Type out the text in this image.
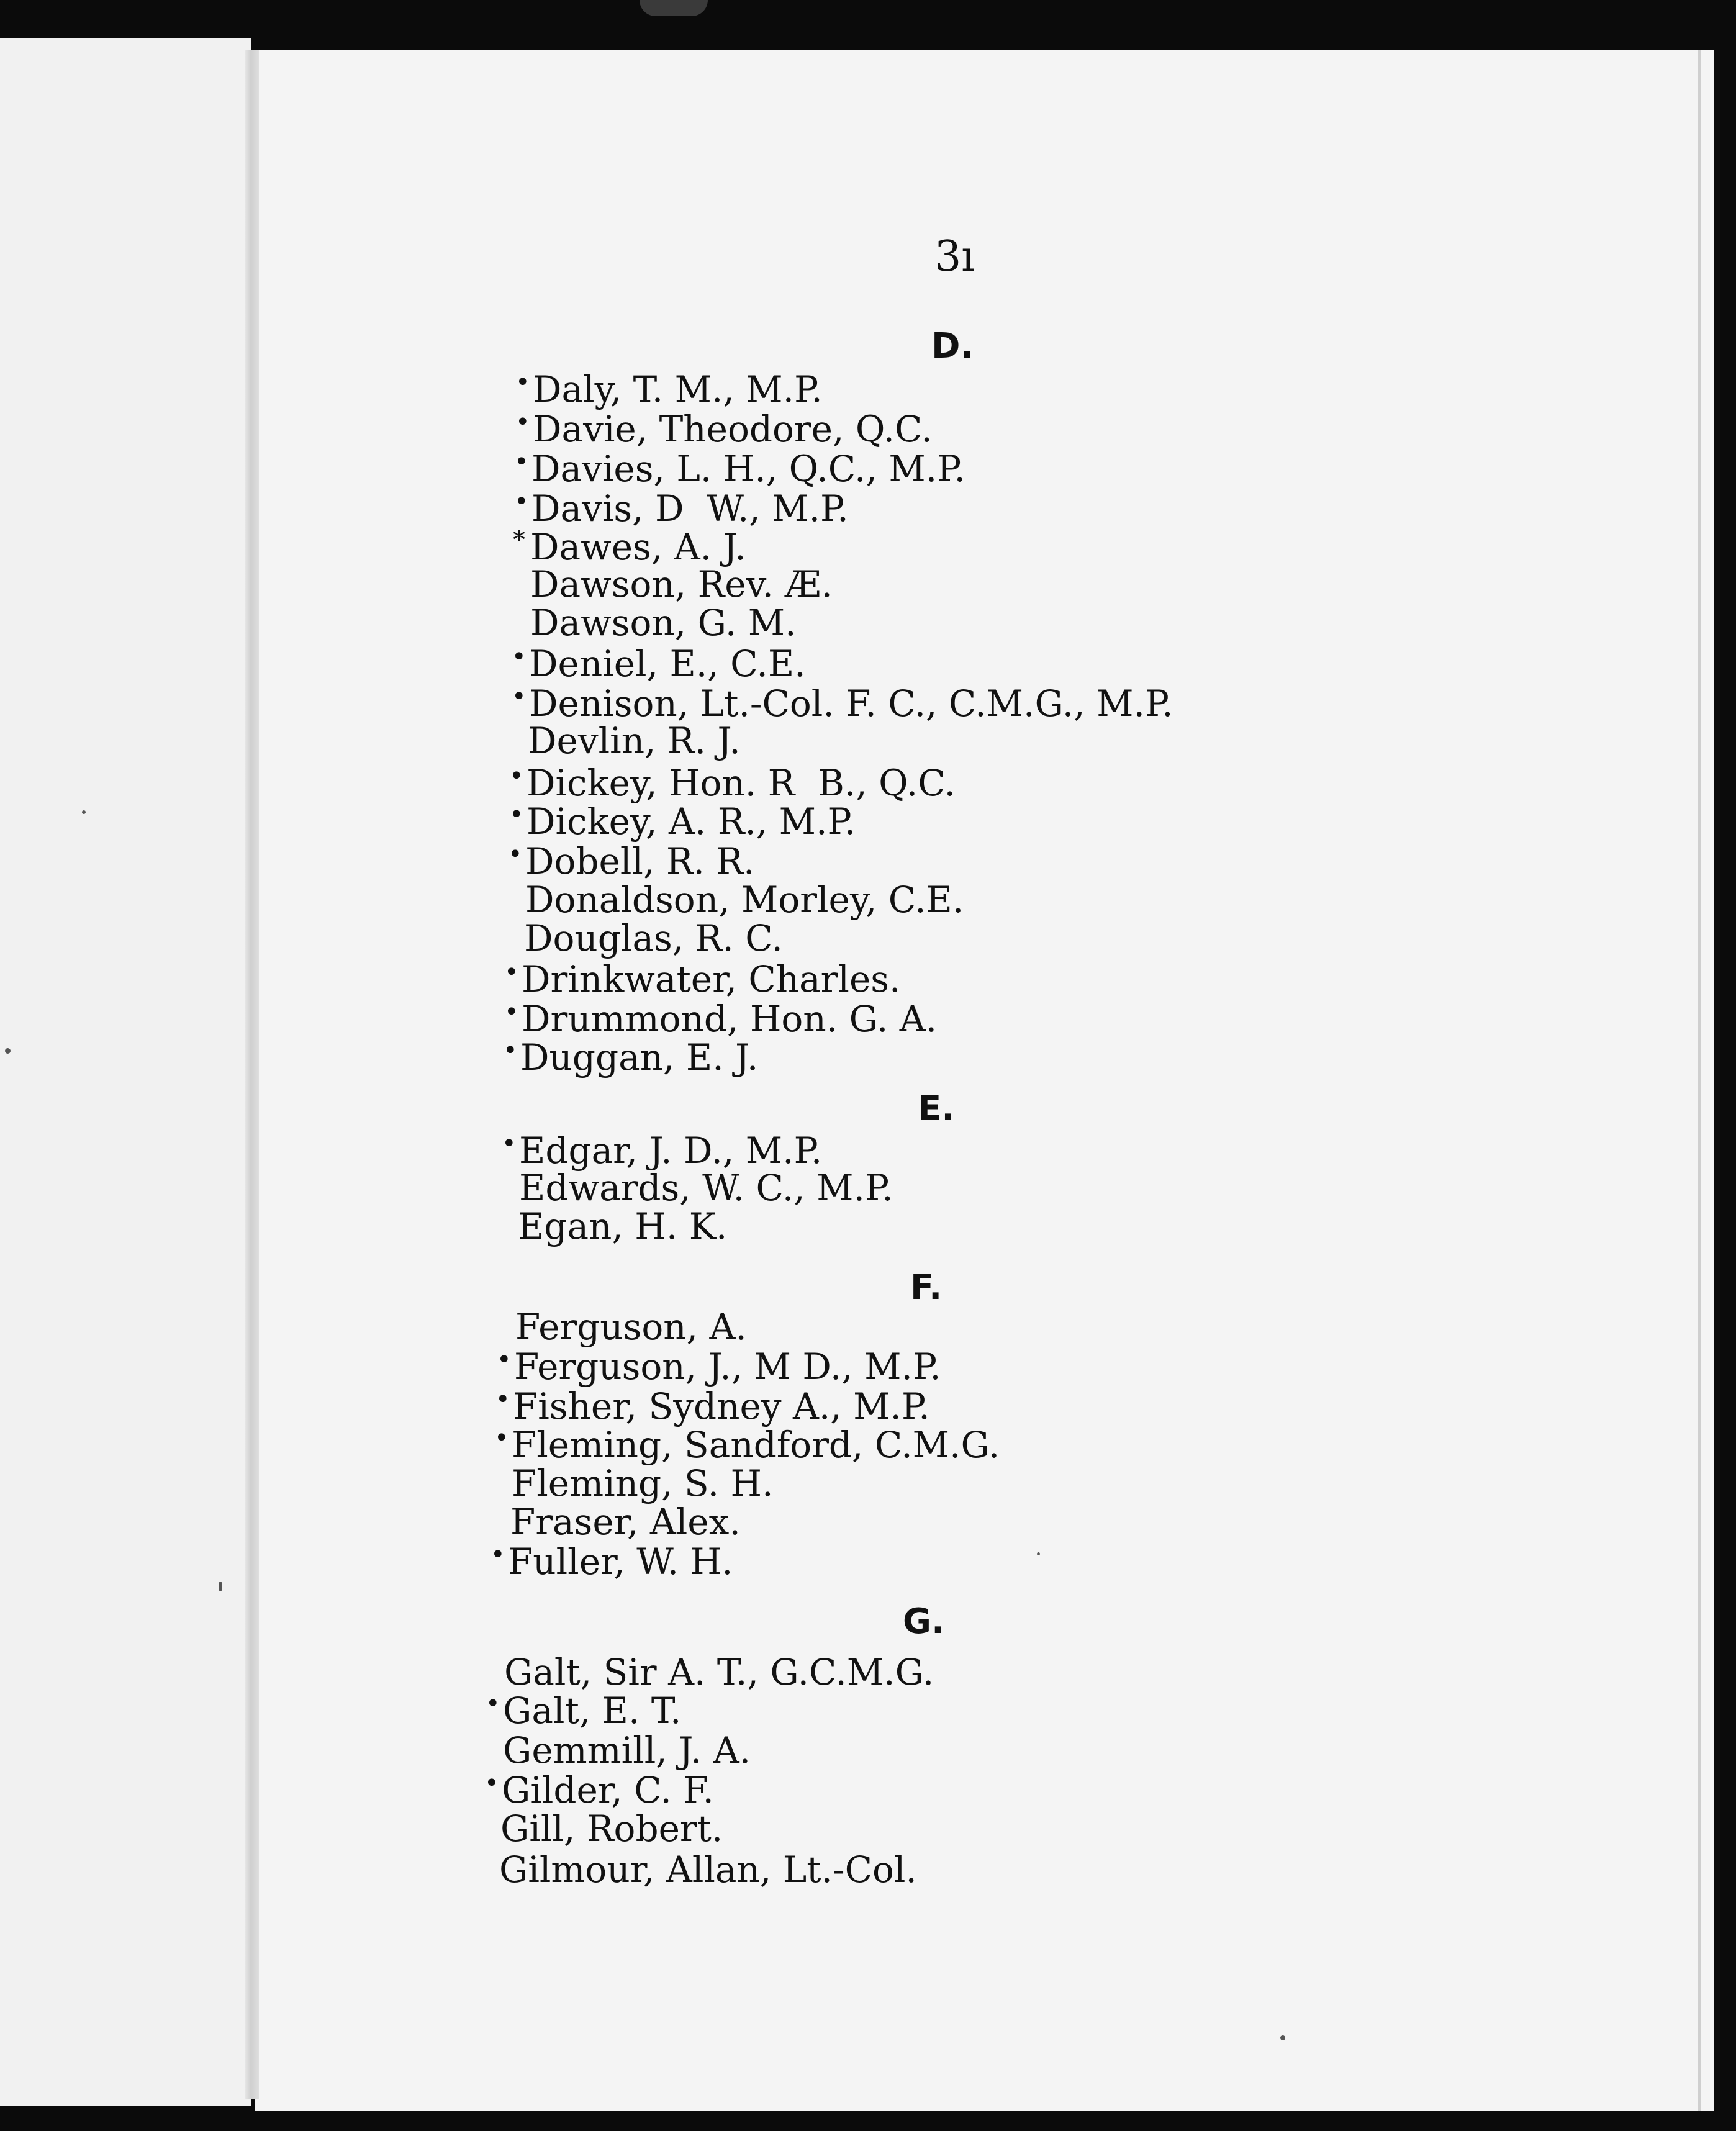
3ı
D.
•Daly, T. M., M.P.
•Davie, Theodore, Q.C.
•Davies, L. H., Q.C., M.P.
•Davis, D  W., M.P.
* Dawes, A. J.
Dawson, Rev. Æ.
Dawson, G. M.
•Deniel, E., C.E.
•Denison, Lt.-Col. F. C., C.M.G., M.P.
Devlin, R. J.
•Dickey, Hon. R  B., Q.C.
•Dickey, A. R., M.P.
•Dobell, R. R.
Donaldson, Morley, C.E.
Douglas, R. C.
•Drinkwater, Charles.
•Drummond, Hon. G. A.
•Duggan, E. J.
E.
•Edgar, J. D., M.P.
Edwards, W. C., M.P.
Egan, H. K.
F.
Ferguson, A.
•Ferguson, J., M D., M.P.
•Fisher, Sydney A., M.P.
•Fleming, Sandford, C.M.G.
Fleming, S. H.
Fraser, Alex.
•Fuller, W. H.
G.
Galt, Sir A. T., G.C.M.G.
•Galt, E. T.
Gemmill, J. A.
•Gilder, C. F.
Gill, Robert.
Gilmour, Allan, Lt.-Col.
